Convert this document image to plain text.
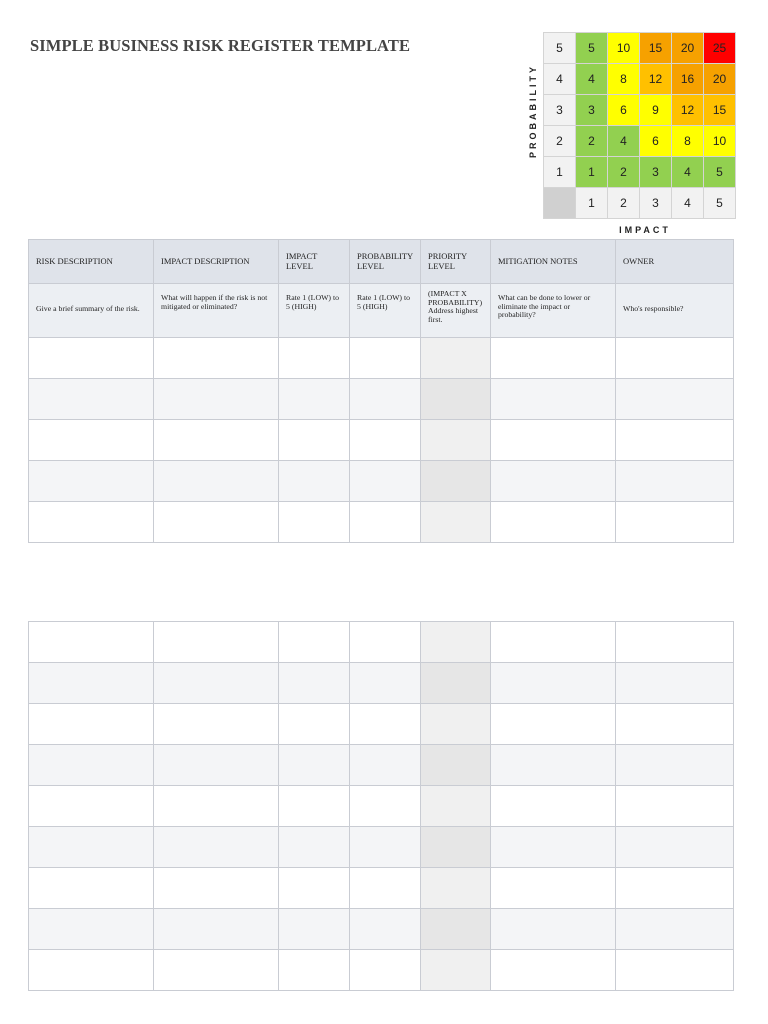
SIMPLE BUSINESS RISK REGISTER TEMPLATE
PROBABILITY
5	5	10	15	20	25
4	4	8	12	16	20
3	3	6	9	12	15
2	2	4	6	8	10
1	1	2	3	4	5
	1	2	3	4	5
IMPACT
RISK DESCRIPTION	IMPACT DESCRIPTION	IMPACT LEVEL	PROBABILITY LEVEL	PRIORITY LEVEL	MITIGATION NOTES	OWNER
Give a brief summary of the risk.	What will happen if the risk is not mitigated or eliminated?	Rate 1 (LOW) to 5 (HIGH)	Rate 1 (LOW) to 5 (HIGH)	(IMPACT X PROBABILITY) Address highest first.	What can be done to lower or eliminate the impact or probability?	Who's responsible?
